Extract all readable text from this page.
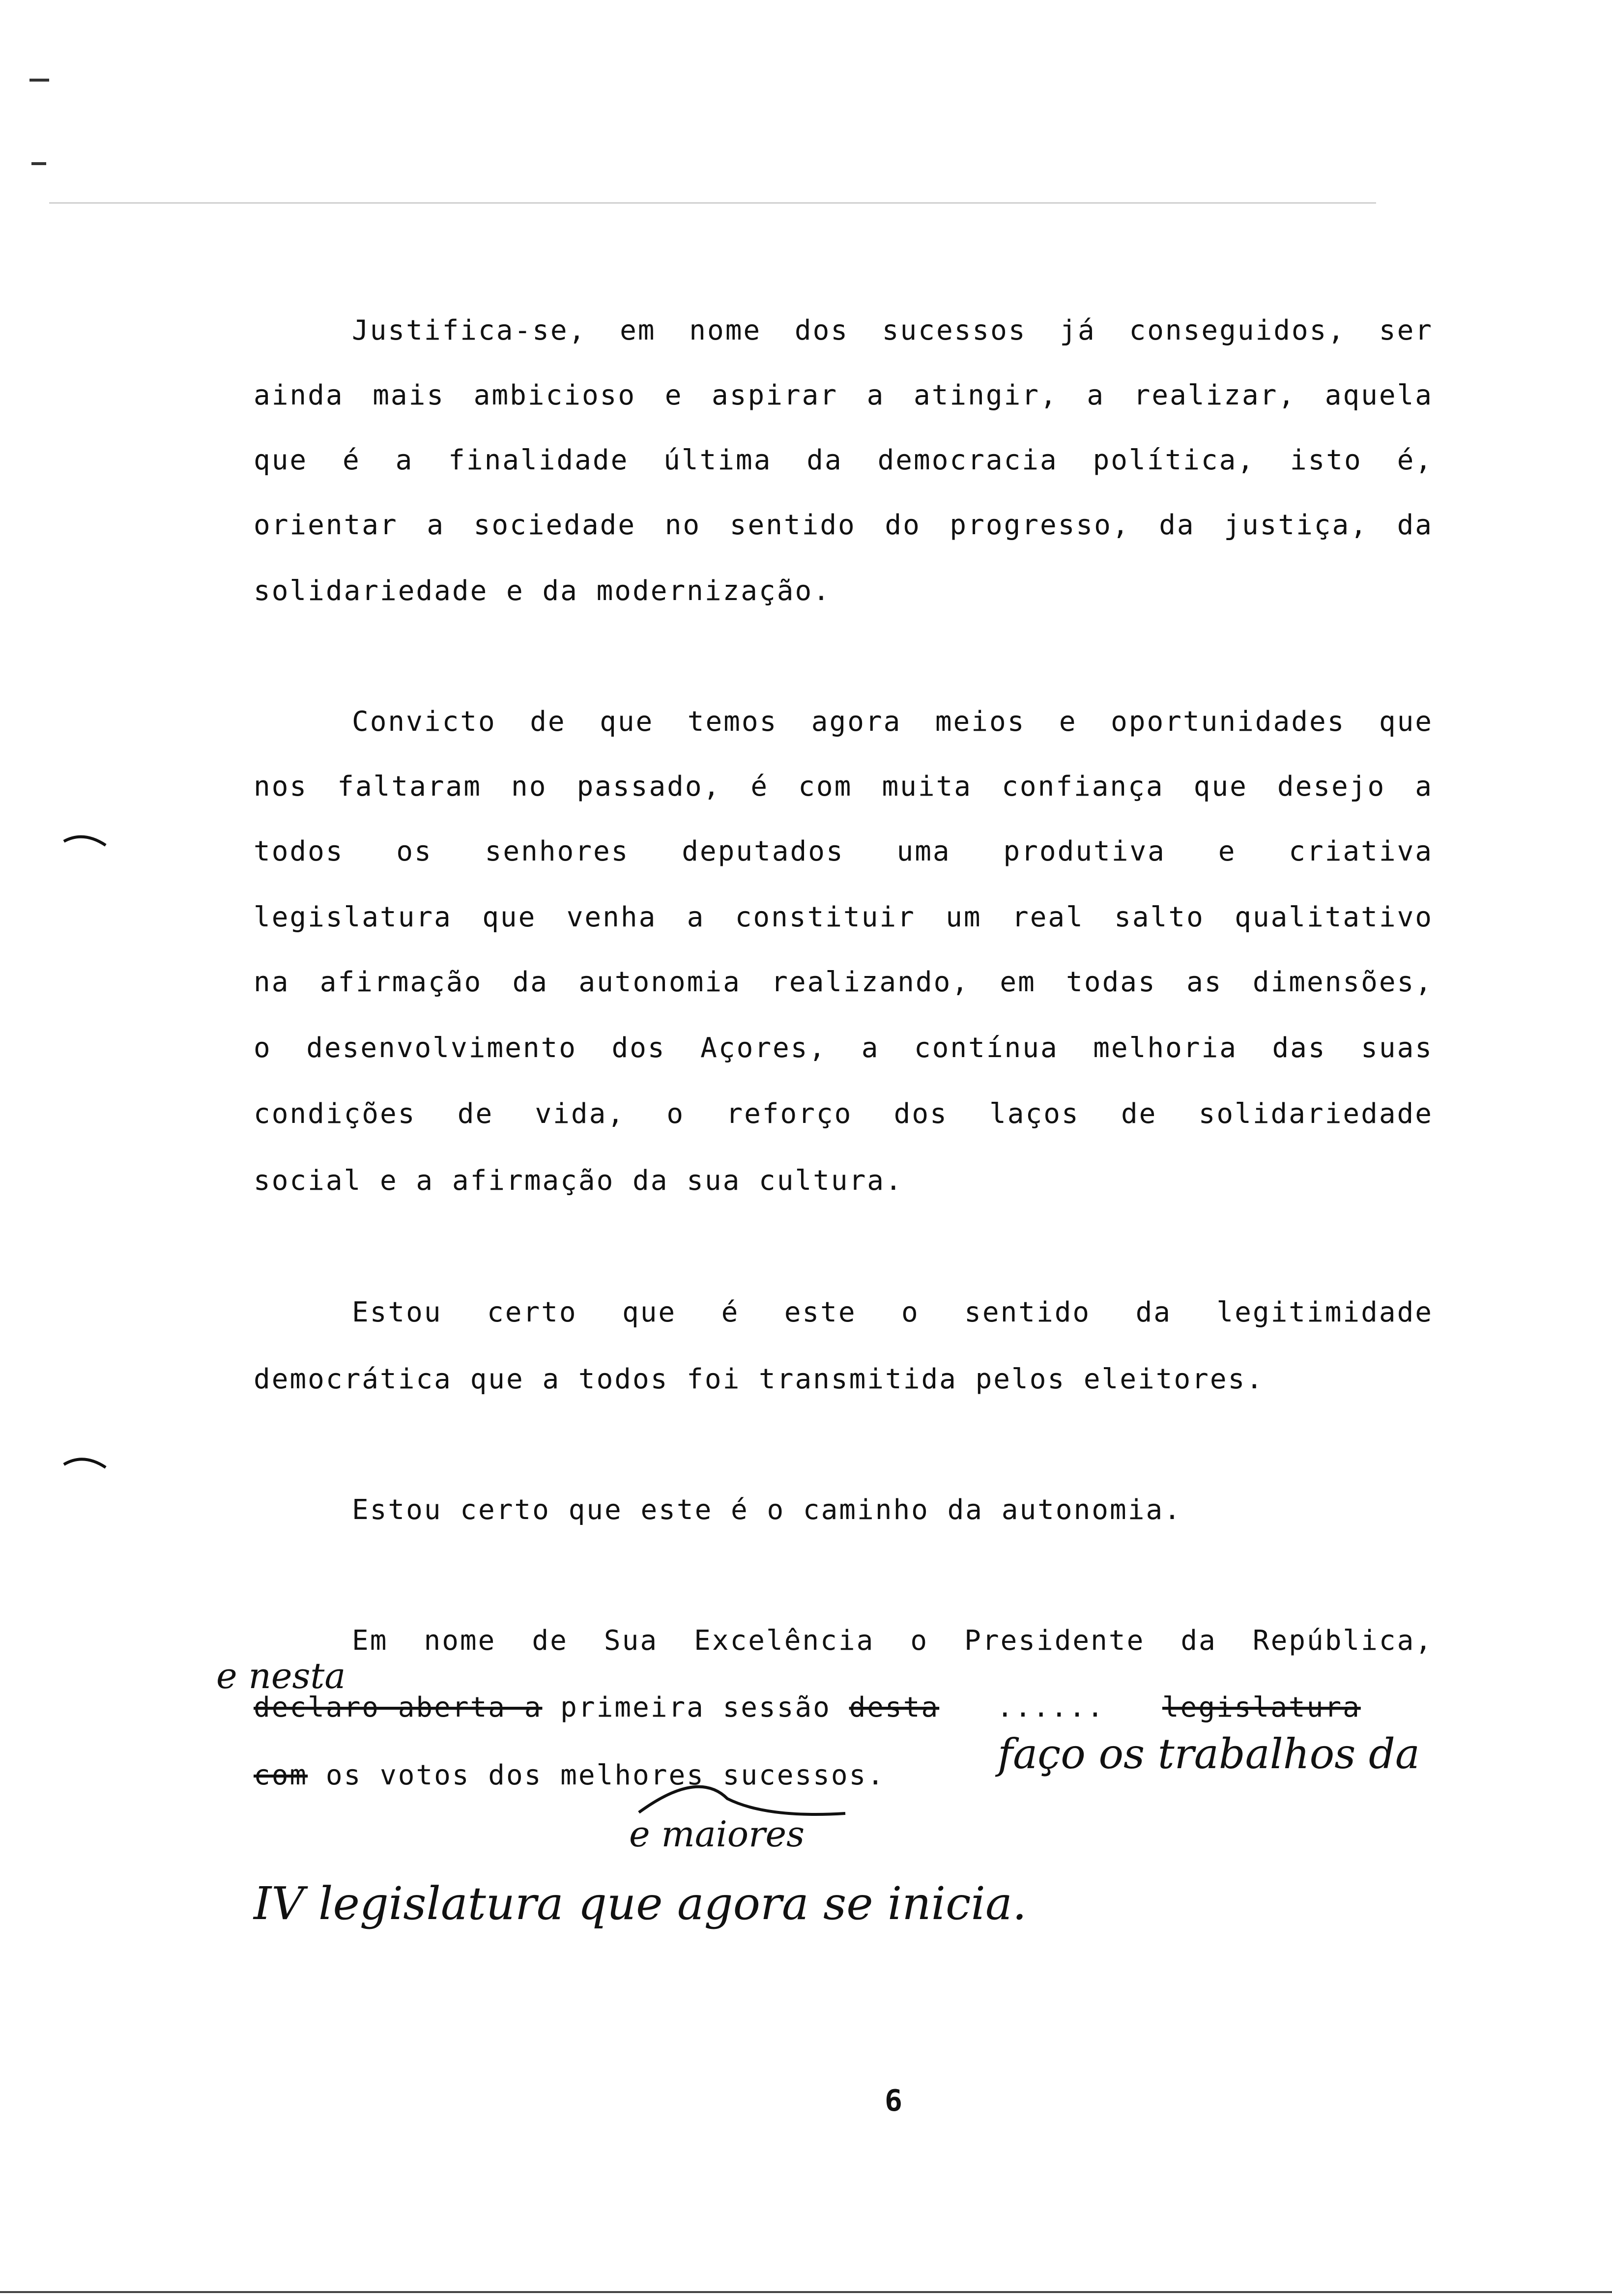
Justifica-se, em nome dos sucessos já conseguidos, ser
ainda mais ambicioso e aspirar a atingir, a realizar, aquela
que é a finalidade última da democracia política, isto é,
orientar a sociedade no sentido do progresso, da justiça, da
solidariedade e da modernização.
Convicto de que temos agora meios e oportunidades que
nos faltaram no passado, é com muita confiança que desejo a
todos os senhores deputados uma produtiva e criativa
legislatura que venha a constituir um real salto qualitativo
na afirmação da autonomia realizando, em todas as dimensões,
o desenvolvimento dos Açores, a contínua melhoria das suas
condições de vida, o reforço dos laços de solidariedade
social e a afirmação da sua cultura.
Estou certo que é este o sentido da legitimidade
democrática que a todos foi transmitida pelos eleitores.
Estou certo que este é o caminho da autonomia.
Em nome de Sua Excelência o Presidente da República,
declaro aberta a primeira sessão desta ...... legislatura
com os votos dos melhores sucessos.
e nesta
e maiores
faço os trabalhos da
IV legislatura que agora se inicia.
6
